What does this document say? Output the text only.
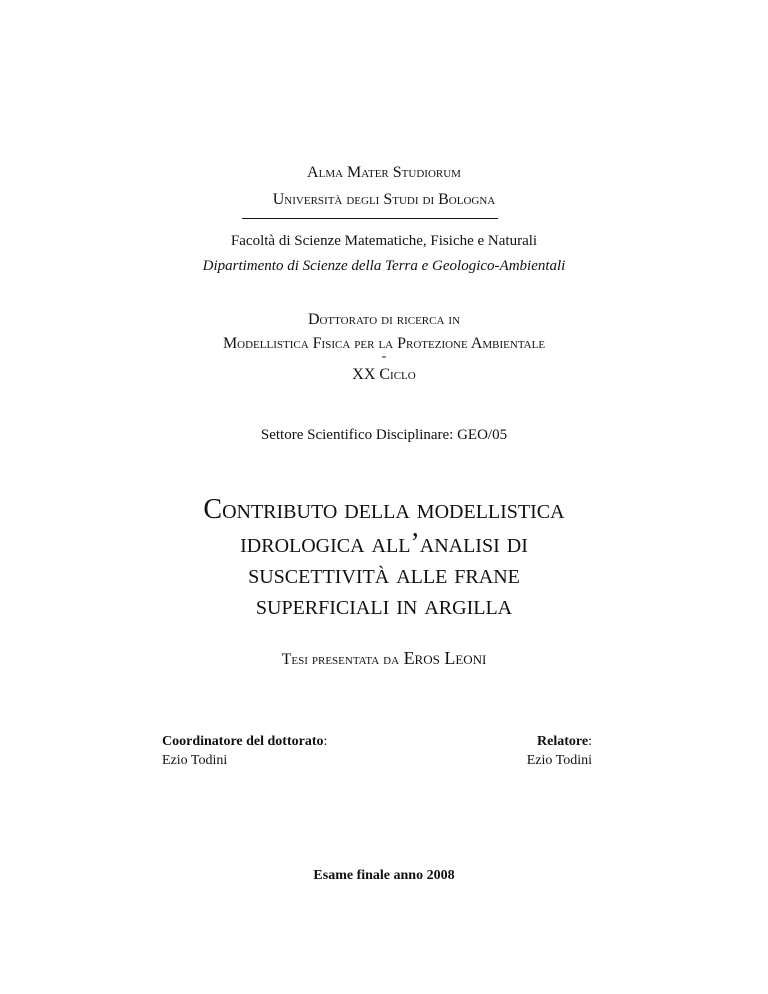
Alma Mater Studiorum
Università degli Studi di Bologna
Facoltà di Scienze Matematiche, Fisiche e Naturali
Dipartimento di Scienze della Terra e Geologico-Ambientali
Dottorato di ricerca in
Modellistica Fisica per la Protezione Ambientale
-
XX Ciclo
Settore Scientifico Disciplinare: GEO/05
Contributo della modellistica
idrologica all’analisi di
suscettività alle frane
superficiali in argilla
Tesi presentata da Eros Leoni
Coordinatore del dottorato:
Ezio Todini
Relatore:
Ezio Todini
Esame finale anno 2008
